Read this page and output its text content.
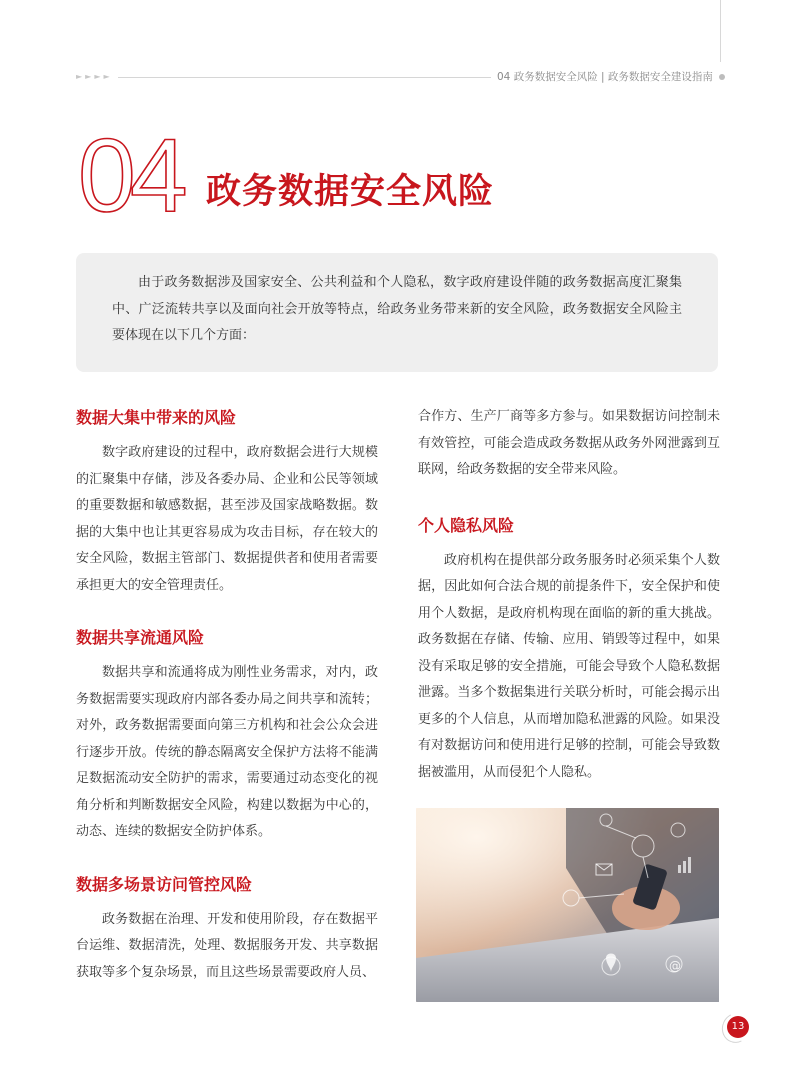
► ► ► ►	04 政务数据安全风险 | 政务数据安全建设指南
04 政务数据安全风险

由于政务数据涉及国家安全、公共利益和个人隐私，数字政府建设伴随的政务数据高度汇聚集中、广泛流转共享以及面向社会开放等特点，给政务业务带来新的安全风险，政务数据安全风险主要体现在以下几个方面：

数据大集中带来的风险

数字政府建设的过程中，政府数据会进行大规模的汇聚集中存储，涉及各委办局、企业和公民等领域的重要数据和敏感数据，甚至涉及国家战略数据。数据的大集中也让其更容易成为攻击目标，存在较大的安全风险，数据主管部门、数据提供者和使用者需要承担更大的安全管理责任。

数据共享流通风险

数据共享和流通将成为刚性业务需求，对内，政务数据需要实现政府内部各委办局之间共享和流转；对外，政务数据需要面向第三方机构和社会公众会进行逐步开放。传统的静态隔离安全保护方法将不能满足数据流动安全防护的需求，需要通过动态变化的视角分析和判断数据安全风险，构建以数据为中心的，动态、连续的数据安全防护体系。

数据多场景访问管控风险

政务数据在治理、开发和使用阶段，存在数据平台运维、数据清洗，处理、数据服务开发、共享数据获取等多个复杂场景，而且这些场景需要政府人员、

合作方、生产厂商等多方参与。如果数据访问控制未有效管控，可能会造成政务数据从政务外网泄露到互联网，给政务数据的安全带来风险。

个人隐私风险

政府机构在提供部分政务服务时必须采集个人数据，因此如何合法合规的前提条件下，安全保护和使用个人数据，是政府机构现在面临的新的重大挑战。政务数据在存储、传输、应用、销毁等过程中，如果没有采取足够的安全措施，可能会导致个人隐私数据泄露。当多个数据集进行关联分析时，可能会揭示出更多的个人信息，从而增加隐私泄露的风险。如果没有对数据访问和使用进行足够的控制，可能会导致数据被滥用，从而侵犯个人隐私。

@
13
